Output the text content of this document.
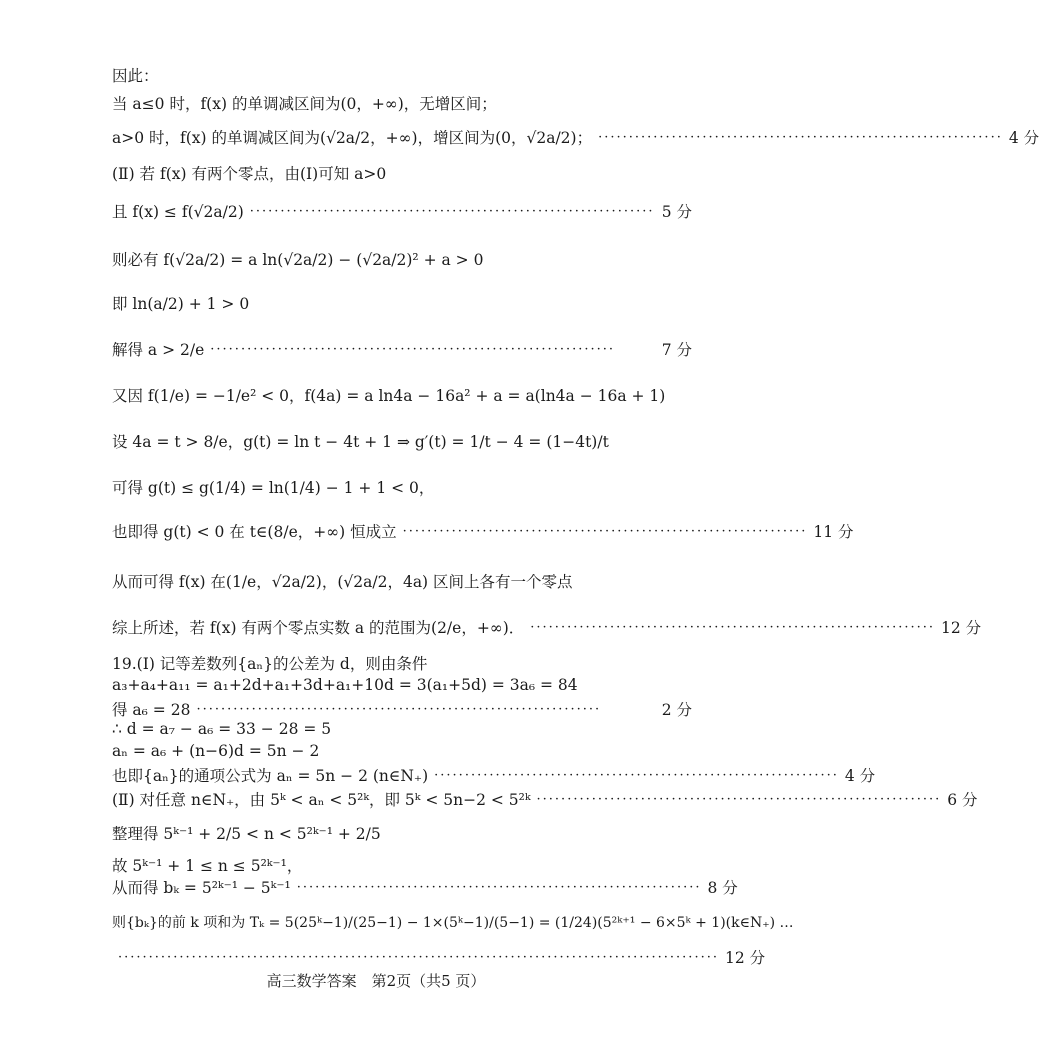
因此：
当 a≤0 时，f(x) 的单调减区间为(0，+∞)，无增区间；
a>0 时，f(x) 的单调减区间为(√2a/2，+∞)，增区间为(0，√2a/2)； ·································································· 4 分
(Ⅱ) 若 f(x) 有两个零点，由(Ⅰ)可知 a>0
且 f(x) ≤ f(√2a/2) ·································································· 5 分
则必有 f(√2a/2) = a ln(√2a/2) − (√2a/2)² + a > 0
即 ln(a/2) + 1 > 0
解得 a > 2/e ··································································	7 分
又因 f(1/e) = −1/e² < 0，f(4a) = a ln4a − 16a² + a = a(ln4a − 16a + 1)
设 4a = t > 8/e，g(t) = ln t − 4t + 1 ⇒ g′(t) = 1/t − 4 = (1−4t)/t
可得 g(t) ≤ g(1/4) = ln(1/4) − 1 + 1 < 0，
也即得 g(t) < 0 在 t∈(8/e，+∞) 恒成立 ·································································· 11 分
从而可得 f(x) 在(1/e，√2a/2)，(√2a/2，4a) 区间上各有一个零点
综上所述，若 f(x) 有两个零点实数 a 的范围为(2/e，+∞)． ·································································· 12 分
19.(Ⅰ) 记等差数列{aₙ}的公差为 d，则由条件
a₃+a₄+a₁₁ = a₁+2d+a₁+3d+a₁+10d = 3(a₁+5d) = 3a₆ = 84
得 a₆ = 28 ··································································	2 分
∴ d = a₇ − a₆ = 33 − 28 = 5
aₙ = a₆ + (n−6)d = 5n − 2
也即{aₙ}的通项公式为 aₙ = 5n − 2 (n∈N₊) ·································································· 4 分
(Ⅱ) 对任意 n∈N₊，由 5ᵏ < aₙ < 5²ᵏ，即 5ᵏ < 5n−2 < 5²ᵏ ·································································· 6 分
整理得 5ᵏ⁻¹ + 2/5 < n < 5²ᵏ⁻¹ + 2/5
故 5ᵏ⁻¹ + 1 ≤ n ≤ 5²ᵏ⁻¹，
从而得 bₖ = 5²ᵏ⁻¹ − 5ᵏ⁻¹ ·································································· 8 分
则{bₖ}的前 k 项和为 Tₖ = 5(25ᵏ−1)/(25−1) − 1×(5ᵏ−1)/(5−1) = (1/24)(5²ᵏ⁺¹ − 6×5ᵏ + 1)(k∈N₊) …
·································································································· 12 分
高三数学答案　第2页（共5 页）
